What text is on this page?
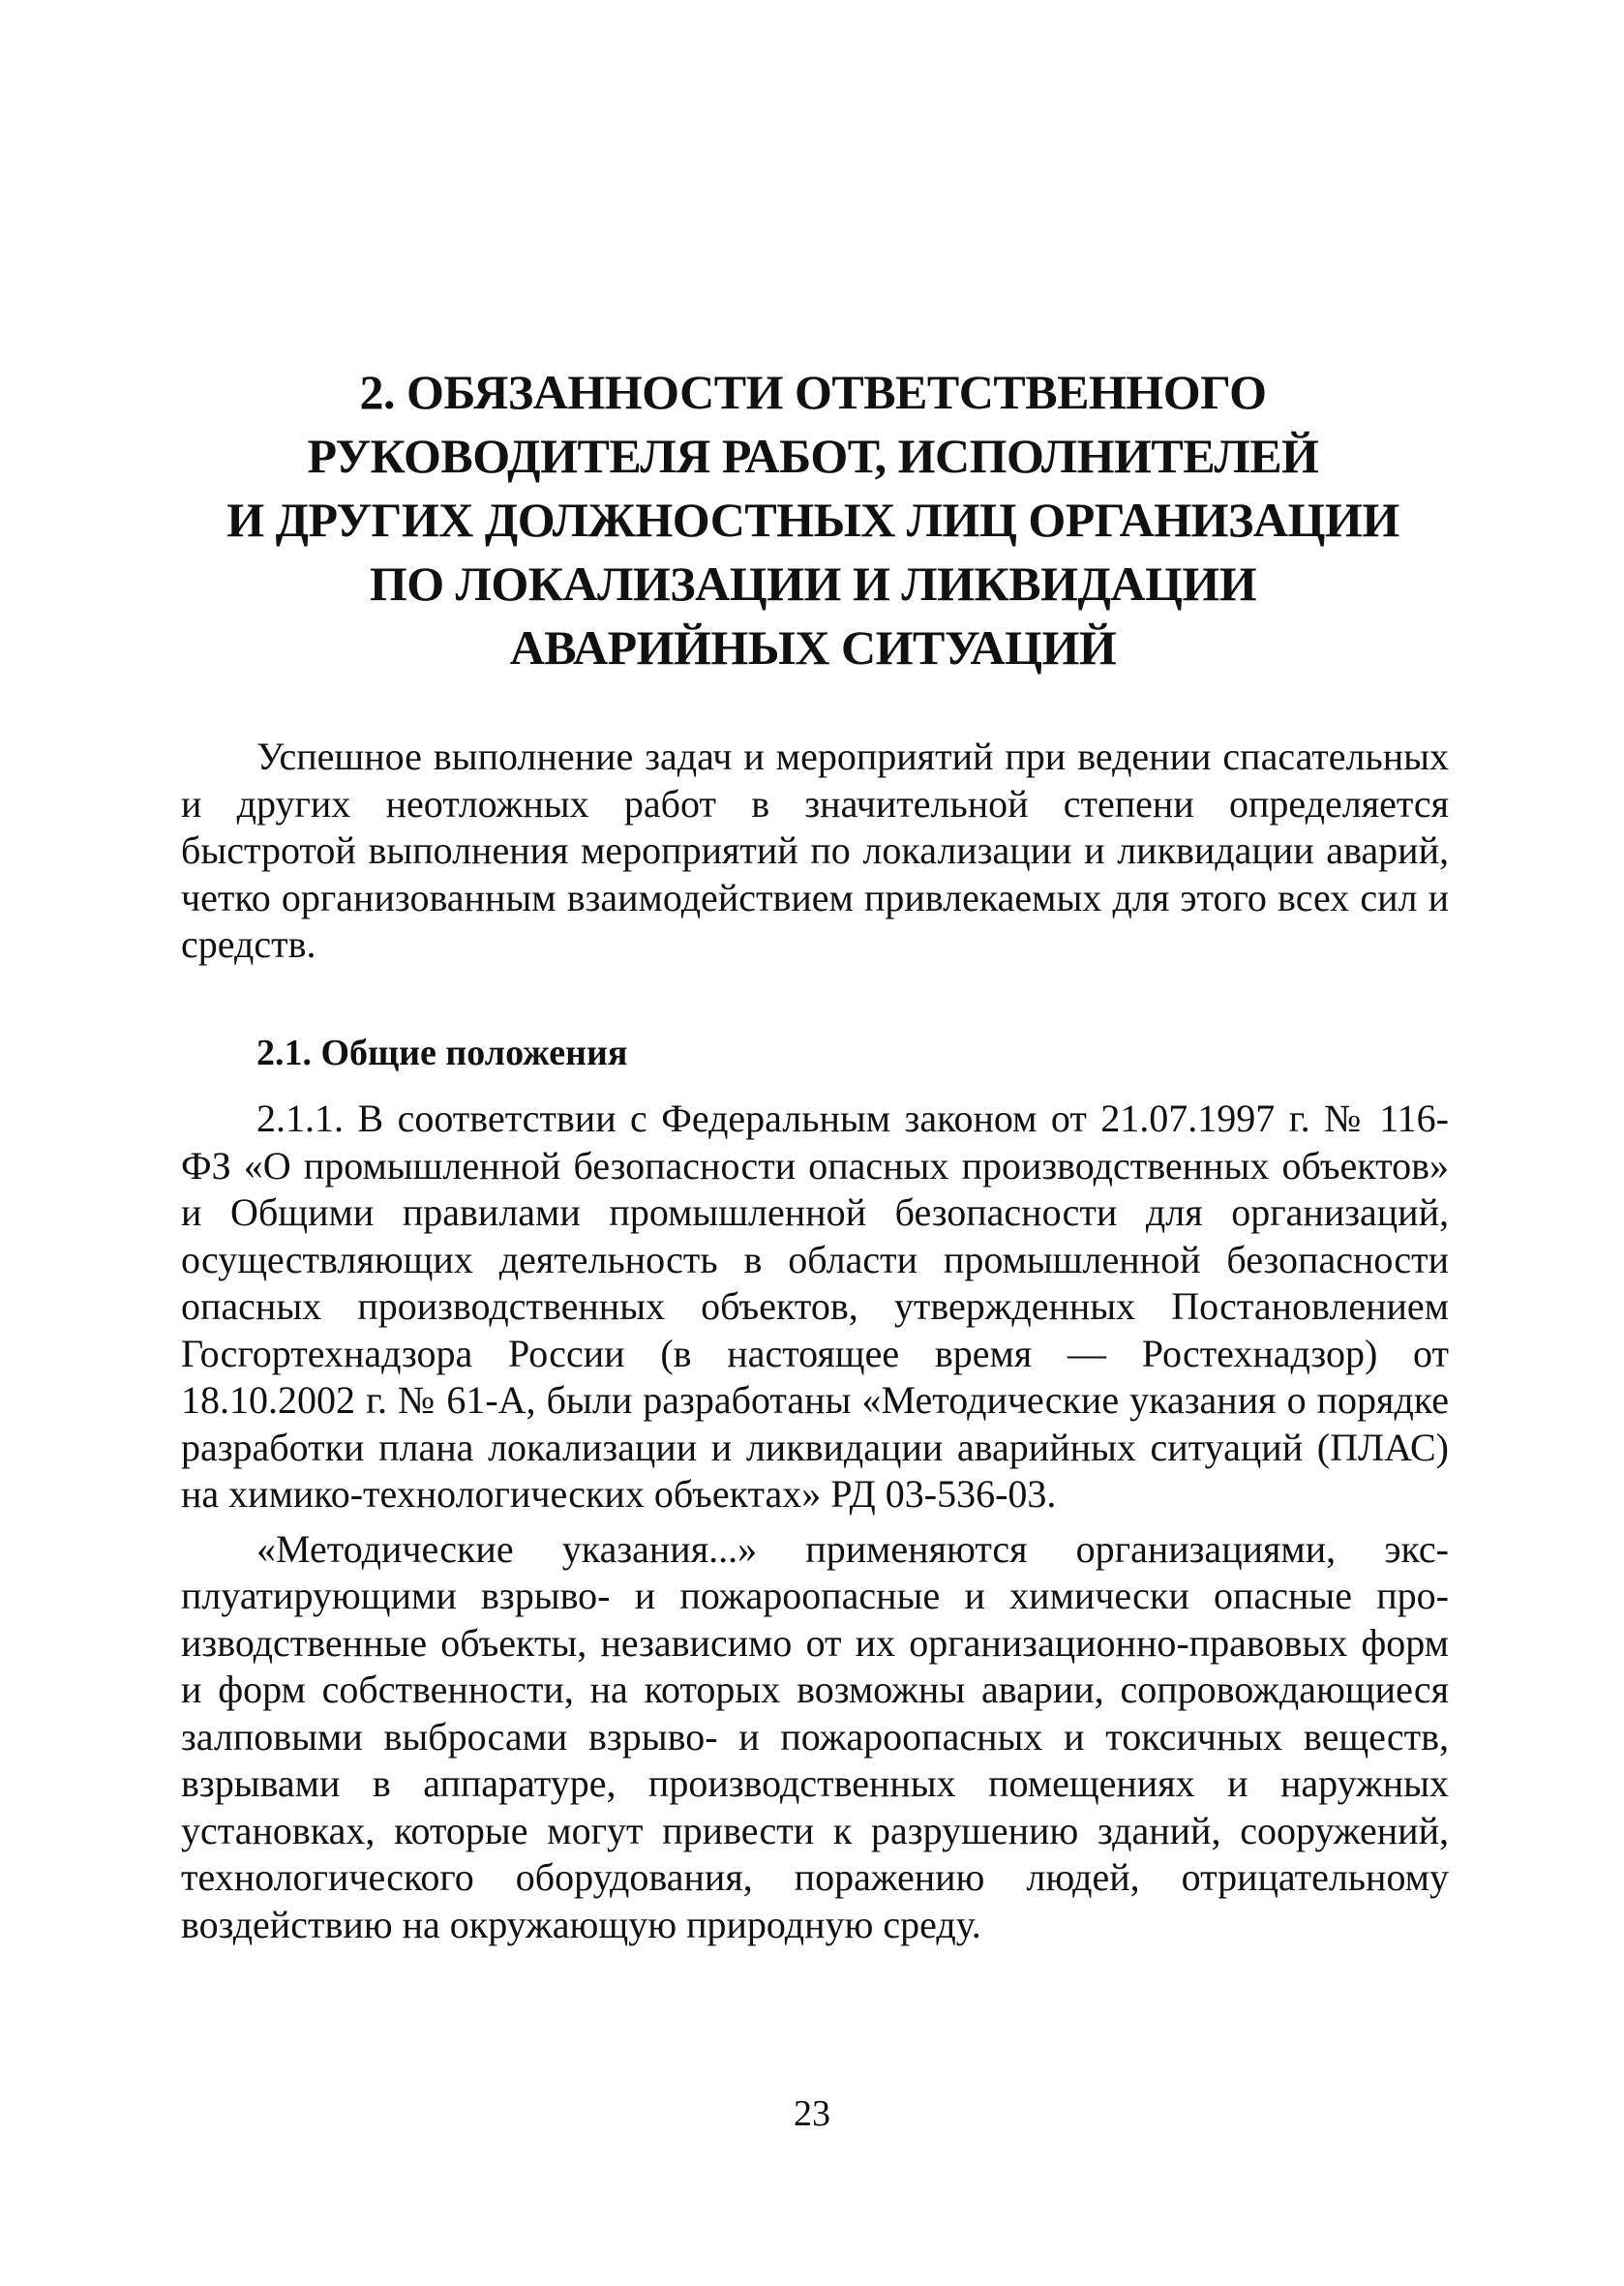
2. ОБЯЗАННОСТИ ОТВЕТСТВЕННОГО
РУКОВОДИТЕЛЯ РАБОТ, ИСПОЛНИТЕЛЕЙ
И ДРУГИХ ДОЛЖНОСТНЫХ ЛИЦ ОРГАНИЗАЦИИ
ПО ЛОКАЛИЗАЦИИ И ЛИКВИДАЦИИ
АВАРИЙНЫХ СИТУАЦИЙ

Успешное выполнение задач и мероприятий при ведении спасательных и других неотложных работ в значительной степени определяется быстротой выполнения мероприятий по локализации и ликвидации аварий, четко организованным взаимодействием привлекаемых для этого всех сил и средств.

2.1. Общие положения

2.1.1. В соответствии с Федеральным законом от 21.07.1997 г. № 116-ФЗ «О промышленной безопасности опасных производственных объектов» и Общими правилами промышленной безопасности для организаций, осуществляющих деятельность в области промышленной безопасности опасных производственных объектов, утвержденных Постановлением Госгортехнадзора России (в настоящее время — Ростехнадзор) от 18.10.2002 г. № 61-А, были разработаны «Методические указания о порядке разработки плана локализации и ликвидации аварийных ситуаций (ПЛАС) на химико-технологических объектах» РД 03-536-03.

«Методические указания...» применяются организациями, эксплуатирующими взрыво- и пожароопасные и химически опасные производственные объекты, независимо от их организационно-правовых форм и форм собственности, на которых возможны аварии, сопровождающиеся залповыми выбросами взрыво- и пожароопасных и токсичных веществ, взрывами в аппаратуре, производственных помещениях и наружных установках, которые могут привести к разрушению зданий, сооружений, технологического оборудования, поражению людей, отрицательному воздействию на окружающую природную среду.

23
